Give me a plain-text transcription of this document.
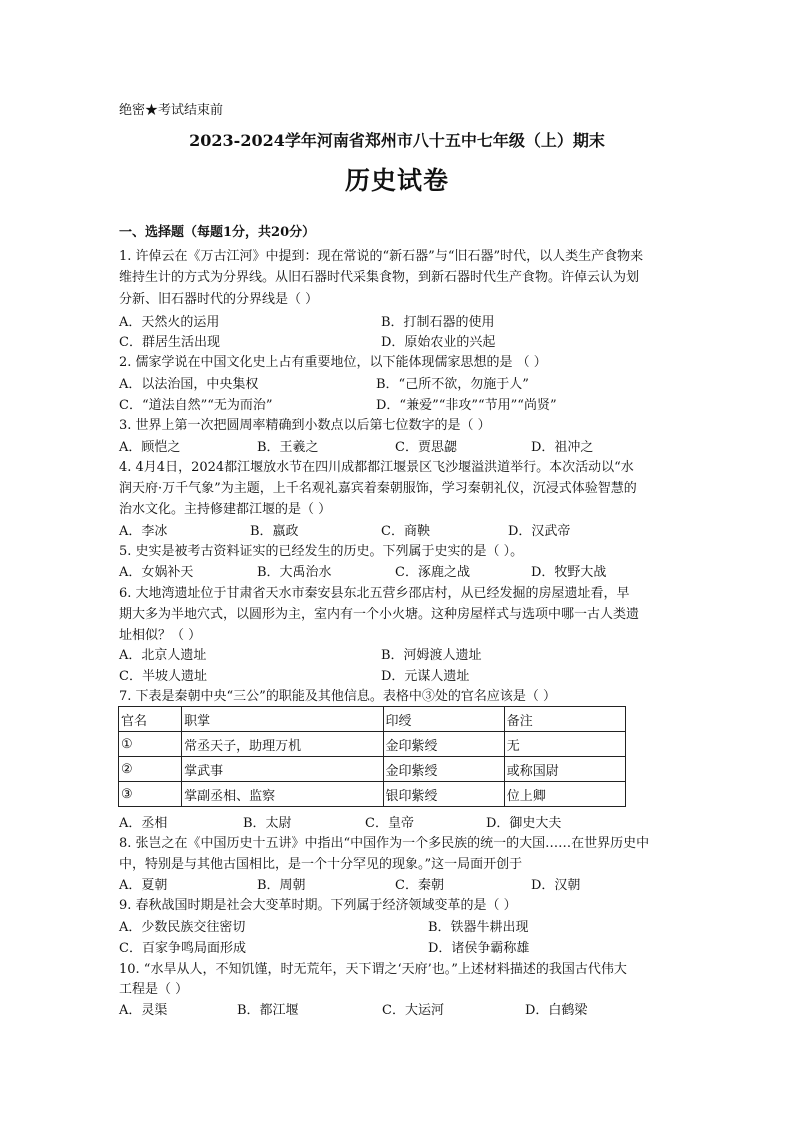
绝密★考试结束前
2023-2024学年河南省郑州市八十五中七年级（上）期末
历史试卷
一、选择题（每题1分，共20分）
1. 许倬云在《万古江河》中提到：现在常说的“新石器”与“旧石器”时代，以人类生产食物来
维持生计的方式为分界线。从旧石器时代采集食物，到新石器时代生产食物。许倬云认为划
分新、旧石器时代的分界线是（ ）
A．天然火的运用	B．打制石器的使用
C．群居生活出现	D．原始农业的兴起
2. 儒家学说在中国文化史上占有重要地位，以下能体现儒家思想的是 （ ）
A．以法治国，中央集权	B．“己所不欲，勿施于人”
C．“道法自然”“无为而治”	D．“兼爱”“非攻”“节用”“尚贤”
3. 世界上第一次把圆周率精确到小数点以后第七位数字的是（ ）
A．顾恺之	B．王羲之	C．贾思勰	D．祖冲之
4. 4月4日，2024都江堰放水节在四川成都都江堰景区飞沙堰溢洪道举行。本次活动以“水
润天府·万千气象”为主题，上千名观礼嘉宾着秦朝服饰，学习秦朝礼仪，沉浸式体验智慧的
治水文化。主持修建都江堰的是（ ）
A．李冰	B．嬴政	C．商鞅	D．汉武帝
5. 史实是被考古资料证实的已经发生的历史。下列属于史实的是（ ）。
A．女娲补天	B．大禹治水	C．涿鹿之战	D．牧野大战
6. 大地湾遗址位于甘肃省天水市秦安县东北五营乡邵店村，从已经发掘的房屋遗址看，早
期大多为半地穴式，以圆形为主，室内有一个小火塘。这种房屋样式与选项中哪一古人类遗
址相似？（ ）
A．北京人遗址	B．河姆渡人遗址
C．半坡人遗址	D．元谋人遗址
7. 下表是秦朝中央“三公”的职能及其他信息。表格中③处的官名应该是（ ）
官名	职掌	印绶	备注
①	常丞天子，助理万机	金印紫绶	无
②	掌武事	金印紫绶	或称国尉
③	掌副丞相、监察	银印紫绶	位上卿
A．丞相	B．太尉	C．皇帝	D．御史大夫
8. 张岂之在《中国历史十五讲》中指出“中国作为一个多民族的统一的大国……在世界历史中
中，特别是与其他古国相比，是一个十分罕见的现象。”这一局面开创于
A．夏朝	B．周朝	C．秦朝	D．汉朝
9. 春秋战国时期是社会大变革时期。下列属于经济领域变革的是（ ）
A．少数民族交往密切	B．铁器牛耕出现
C．百家争鸣局面形成	D．诸侯争霸称雄
10. “水旱从人，不知饥馑，时无荒年，天下谓之‘天府’也。”上述材料描述的我国古代伟大
工程是（ ）
A．灵渠	B．都江堰	C．大运河	D．白鹤梁
